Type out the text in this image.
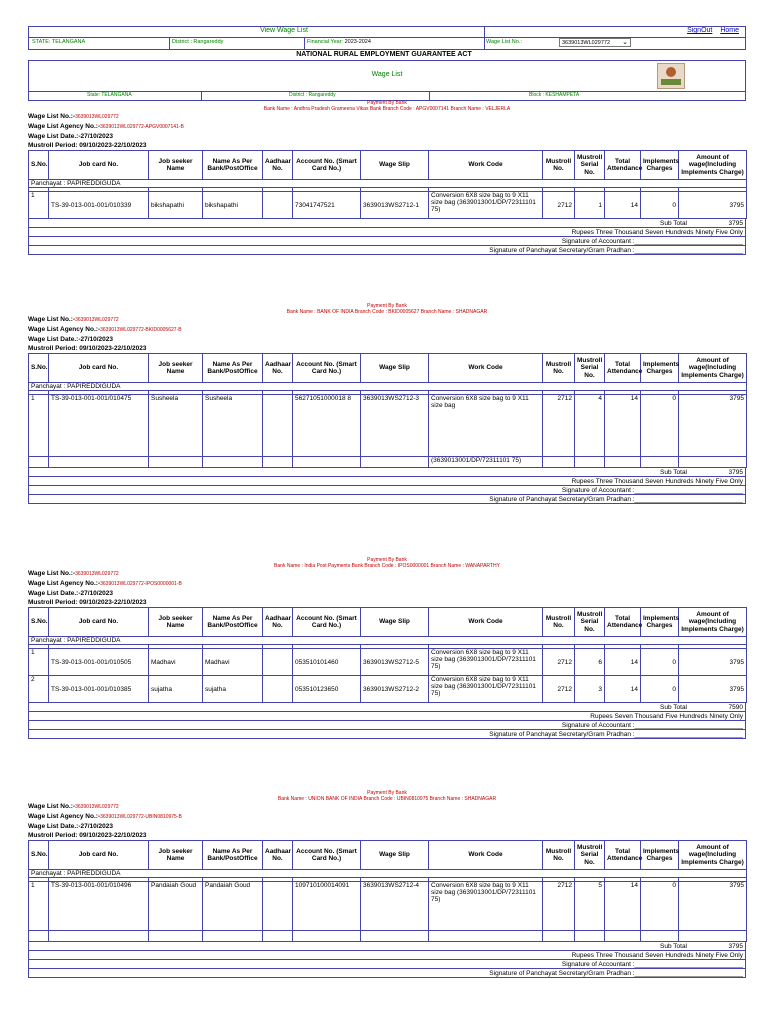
View Wage List	SignOut Home
STATE: TELANGANA	District : Rangareddy	Financial Year: 2023-2024	Wage List No.:	3639013WL029772 ⌄
NATIONAL RURAL EMPLOYMENT GUARANTEE ACT
Wage List
State: TELANGANA	District : Rangareddy	Block : KESHAMPETA
Payment By Bank
Bank Name : Andhra Pradesh Grameena Vikas Bank Branch Code : APGV0007141 Branch Name : VELJERLA
Wage List No.:-3639013WL029772
Wage List Agency No.:-3639013WL029772-APGV0007141-B
Wage List Date.:-27/10/2023
Mustroll Period: 09/10/2023-22/10/2023
S.No.	Job card No.	Job seeker Name	Name As Per Bank/PostOffice	Aadhaar No.	Account No. (Smart Card No.)	Wage Slip	Work Code	Mustroll No.	Mustroll Serial No.	Total Attendance	Implements Charges	Amount of wage(Including Implements Charge)
Panchayat : PAPIREDDIGUDA												

1	TS-39-013-001-001/010339	bikshapathi	bikshapathi		73041747521	3639013WS2712-1	Conversion 6X8 size bag to 9 X11 size bag (3639013001/DP/72311101 75)	2712	1	14	0	3795
Sub Total	3795
Rupees Three Thousand Seven Hundreds Ninety Five Only
Signature of Accountant :______________________________
Signature of Panchayat Secretary/Gram Pradhan :______________________________
Payment By Bank
Bank Name : BANK OF INDIA Branch Code : BKID0005627 Branch Name : SHADNAGAR
Wage List No.:-3639013WL029772
Wage List Agency No.:-3639013WL029772-BKID0005627-B
Wage List Date.:-27/10/2023
Mustroll Period: 09/10/2023-22/10/2023
S.No.	Job card No.	Job seeker Name	Name As Per Bank/PostOffice	Aadhaar No.	Account No. (Smart Card No.)	Wage Slip	Work Code	Mustroll No.	Mustroll Serial No.	Total Attendance	Implements Charges	Amount of wage(Including Implements Charge)
Panchayat : PAPIREDDIGUDA												

1	TS-39-013-001-001/010475	Susheela	Susheela		56271051000018 8	3639013WS2712-3	Conversion 6X8 size bag to 9 X11 size bag	2712	4	14	0	3795
							(3639013001/DP/72311101 75)					
Sub Total	3795
Rupees Three Thousand Seven Hundreds Ninety Five Only
Signature of Accountant :______________________________
Signature of Panchayat Secretary/Gram Pradhan :______________________________
Payment By Bank
Bank Name : India Post Payments Bank Branch Code : IPOS0000001 Branch Name : WANAPARTHY
Wage List No.:-3639013WL029772
Wage List Agency No.:-3639013WL029772-IPOS0000001-B
Wage List Date.:-27/10/2023
Mustroll Period: 09/10/2023-22/10/2023
S.No.	Job card No.	Job seeker Name	Name As Per Bank/PostOffice	Aadhaar No.	Account No. (Smart Card No.)	Wage Slip	Work Code	Mustroll No.	Mustroll Serial No.	Total Attendance	Implements Charges	Amount of wage(Including Implements Charge)
Panchayat : PAPIREDDIGUDA												

1	TS-39-013-001-001/010505	Madhavi	Madhavi		053510101460	3639013WS2712-5	Conversion 6X8 size bag to 9 X11 size bag (3639013001/DP/72311101 75)	2712	6	14	0	3795
2	TS-39-013-001-001/010385	sujatha	sujatha		053510123650	3639013WS2712-2	Conversion 6X8 size bag to 9 X11 size bag (3639013001/DP/72311101 75)	2712	3	14	0	3795
Sub Total	7590
Rupees Seven Thousand Five Hundreds Ninety Only
Signature of Accountant :______________________________
Signature of Panchayat Secretary/Gram Pradhan :______________________________
Payment By Bank
Bank Name : UNION BANK OF INDIA Branch Code : UBIN0810975 Branch Name : SHADNAGAR
Wage List No.:-3639013WL029772
Wage List Agency No.:-3639013WL029772-UBIN0810975-B
Wage List Date.:-27/10/2023
Mustroll Period: 09/10/2023-22/10/2023
S.No.	Job card No.	Job seeker Name	Name As Per Bank/PostOffice	Aadhaar No.	Account No. (Smart Card No.)	Wage Slip	Work Code	Mustroll No.	Mustroll Serial No.	Total Attendance	Implements Charges	Amount of wage(Including Implements Charge)
Panchayat : PAPIREDDIGUDA												

1	TS-39-013-001-001/010496	Pandaiah Goud	Pandaiah Goud		109710100014091	3639013WS2712-4	Conversion 6X8 size bag to 9 X11 size bag (3639013001/DP/72311101 75)	2712	5	14	0	3795

Sub Total	3795
Rupees Three Thousand Seven Hundreds Ninety Five Only
Signature of Accountant :______________________________
Signature of Panchayat Secretary/Gram Pradhan :______________________________
